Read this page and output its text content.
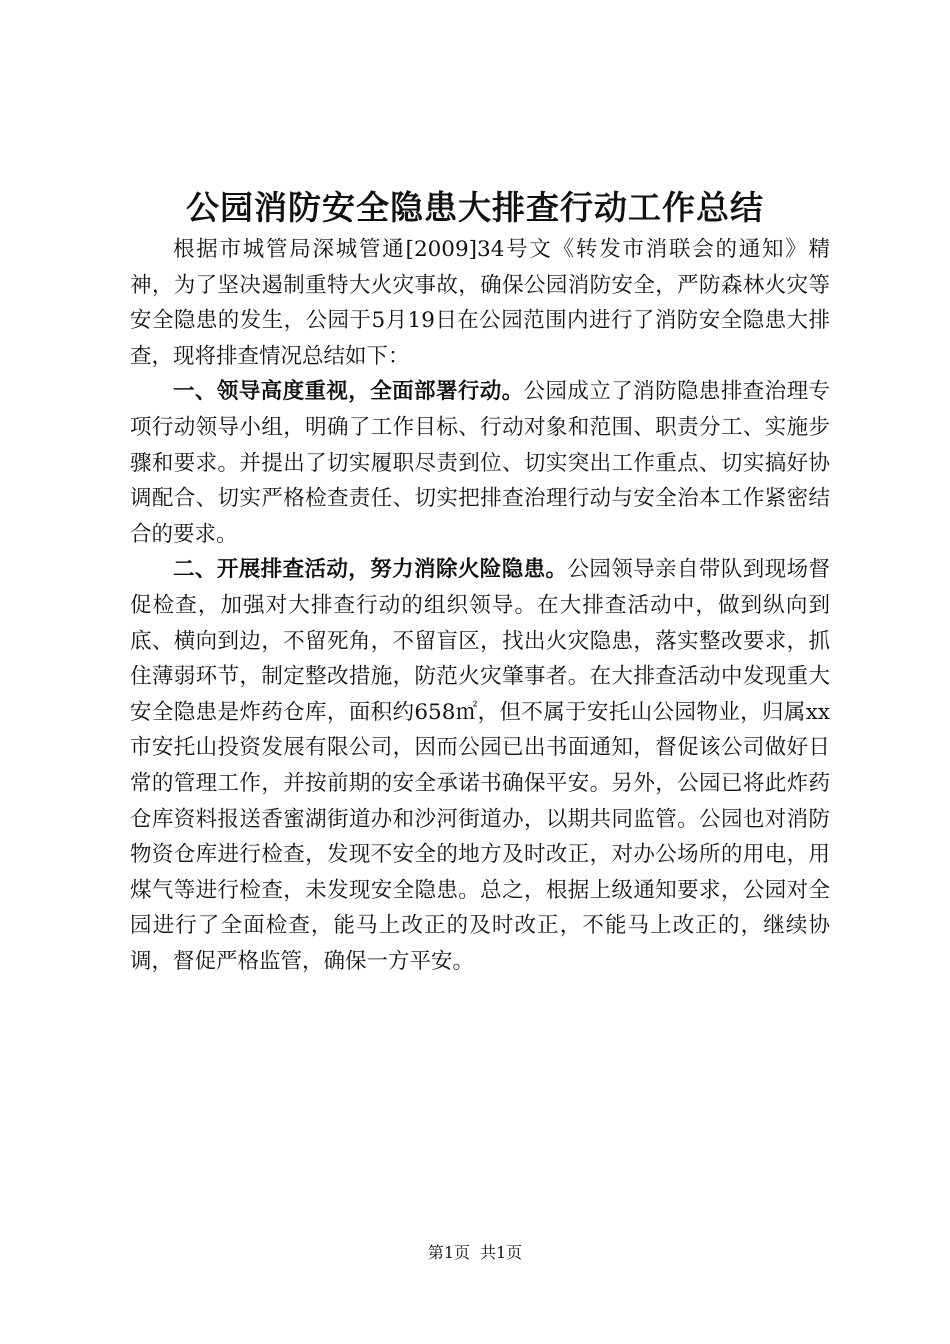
公园消防安全隐患大排查行动工作总结

根据市城管局深城管通[2009]34号文《转发市消联会的通知》精神，为了坚决遏制重特大火灾事故，确保公园消防安全，严防森林火灾等安全隐患的发生，公园于5月19日在公园范围内进行了消防安全隐患大排查，现将排查情况总结如下：

一、领导高度重视，全面部署行动。公园成立了消防隐患排查治理专项行动领导小组，明确了工作目标、行动对象和范围、职责分工、实施步骤和要求。并提出了切实履职尽责到位、切实突出工作重点、切实搞好协调配合、切实严格检查责任、切实把排查治理行动与安全治本工作紧密结合的要求。

二、开展排查活动，努力消除火险隐患。公园领导亲自带队到现场督促检查，加强对大排查行动的组织领导。在大排查活动中，做到纵向到底、横向到边，不留死角，不留盲区，找出火灾隐患，落实整改要求，抓住薄弱环节，制定整改措施，防范火灾肇事者。在大排查活动中发现重大安全隐患是炸药仓库，面积约658㎡，但不属于安托山公园物业，归属xx市安托山投资发展有限公司，因而公园已出书面通知，督促该公司做好日常的管理工作，并按前期的安全承诺书确保平安。另外，公园已将此炸药仓库资料报送香蜜湖街道办和沙河街道办，以期共同监管。公园也对消防物资仓库进行检查，发现不安全的地方及时改正，对办公场所的用电，用煤气等进行检查，未发现安全隐患。总之，根据上级通知要求，公园对全园进行了全面检查，能马上改正的及时改正，不能马上改正的，继续协调，督促严格监管，确保一方平安。

第1页 共1页
